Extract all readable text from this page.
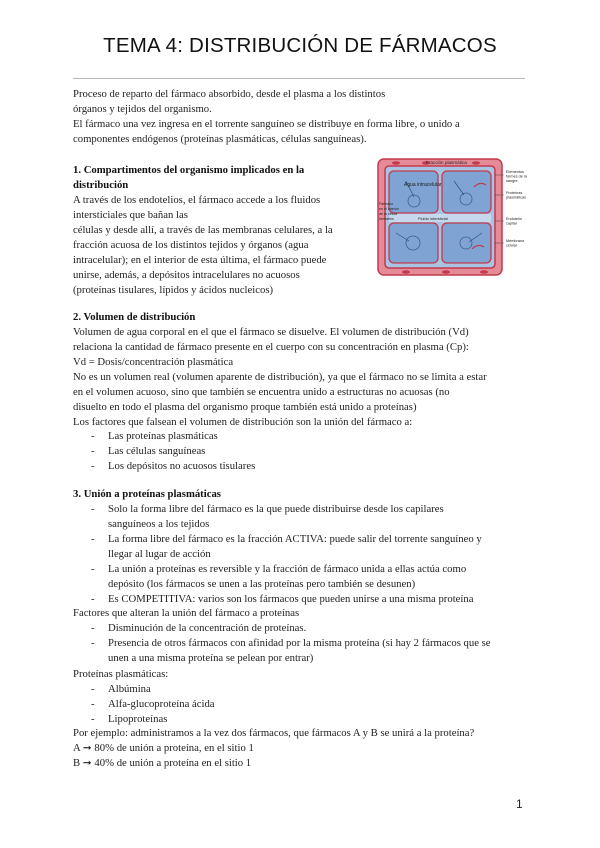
TEMA 4: DISTRIBUCIÓN DE FÁRMACOS
Proceso de reparto del fármaco absorbido, desde el plasma a los distintos
órganos y tejidos del organismo.
El fármaco una vez ingresa en el torrente sanguíneo se distribuye en forma libre, o unido a
componentes endógenos (proteínas plasmáticas, células sanguíneas).
1. Compartimentos del organismo implicados en la
distribución
A través de los endotelios, el fármaco accede a los fluidos
intersticiales que bañan las
células y desde allí, a través de las membranas celulares, a la
fracción acuosa de los distintos tejidos y órganos (agua
intracelular); en el interior de esta última, el fármaco puede
unirse, además, a depósitos intracelulares no acuosos
(proteínas tisulares, lípidos y ácidos nucleicos)
Fracción plasmática
Agua intracelular
Fluido intersticial
Fármaco
en el interior
de la célula
hematíes
Elementos
formes de la
sangre
Proteínas
plasmáticas
Endotelio
capilar
Membrana
celular
2. Volumen de distribución
Volumen de agua corporal en el que el fármaco se disuelve. El volumen de distribución (Vd)
relaciona la cantidad de fármaco presente en el cuerpo con su concentración en plasma (Cp):
Vd = Dosis/concentración plasmática
No es un volumen real (volumen aparente de distribución), ya que el fármaco no se limita a estar
en el volumen acuoso, sino que también se encuentra unido a estructuras no acuosas (no
disuelto en todo el plasma del organismo proque también está unido a proteínas)
Los factores que falsean el volumen de distribución son la unión del fármaco a:
- Las proteínas plasmáticas
- Las células sanguíneas
- Los depósitos no acuosos tisulares
3. Unión a proteínas plasmáticas
- Solo la forma libre del fármaco es la que puede distribuirse desde los capilares
sanguíneos a los tejidos
- La forma libre del fármaco es la fracción ACTIVA: puede salir del torrente sanguíneo y
llegar al lugar de acción
- La unión a proteínas es reversible y la fracción de fármaco unida a ellas actúa como
depósito (los fármacos se unen a las proteínas pero también se desunen)
- Es COMPETITIVA: varios son los fármacos que pueden unirse a una misma proteína
Factores que alteran la unión del fármaco a proteínas
- Disminución de la concentración de proteínas.
- Presencia de otros fármacos con afinidad por la misma proteína (si hay 2 fármacos que se
unen a una misma proteína se pelean por entrar)
Proteínas plasmáticas:
- Albúmina
- Alfa-glucoproteína ácida
- Lipoproteínas
Por ejemplo: administramos a la vez dos fármacos, que fármacos A y B se unirá a la proteína?
A ➞ 80% de unión a proteína, en el sitio 1
B ➞ 40% de unión a proteína en el sitio 1
1
